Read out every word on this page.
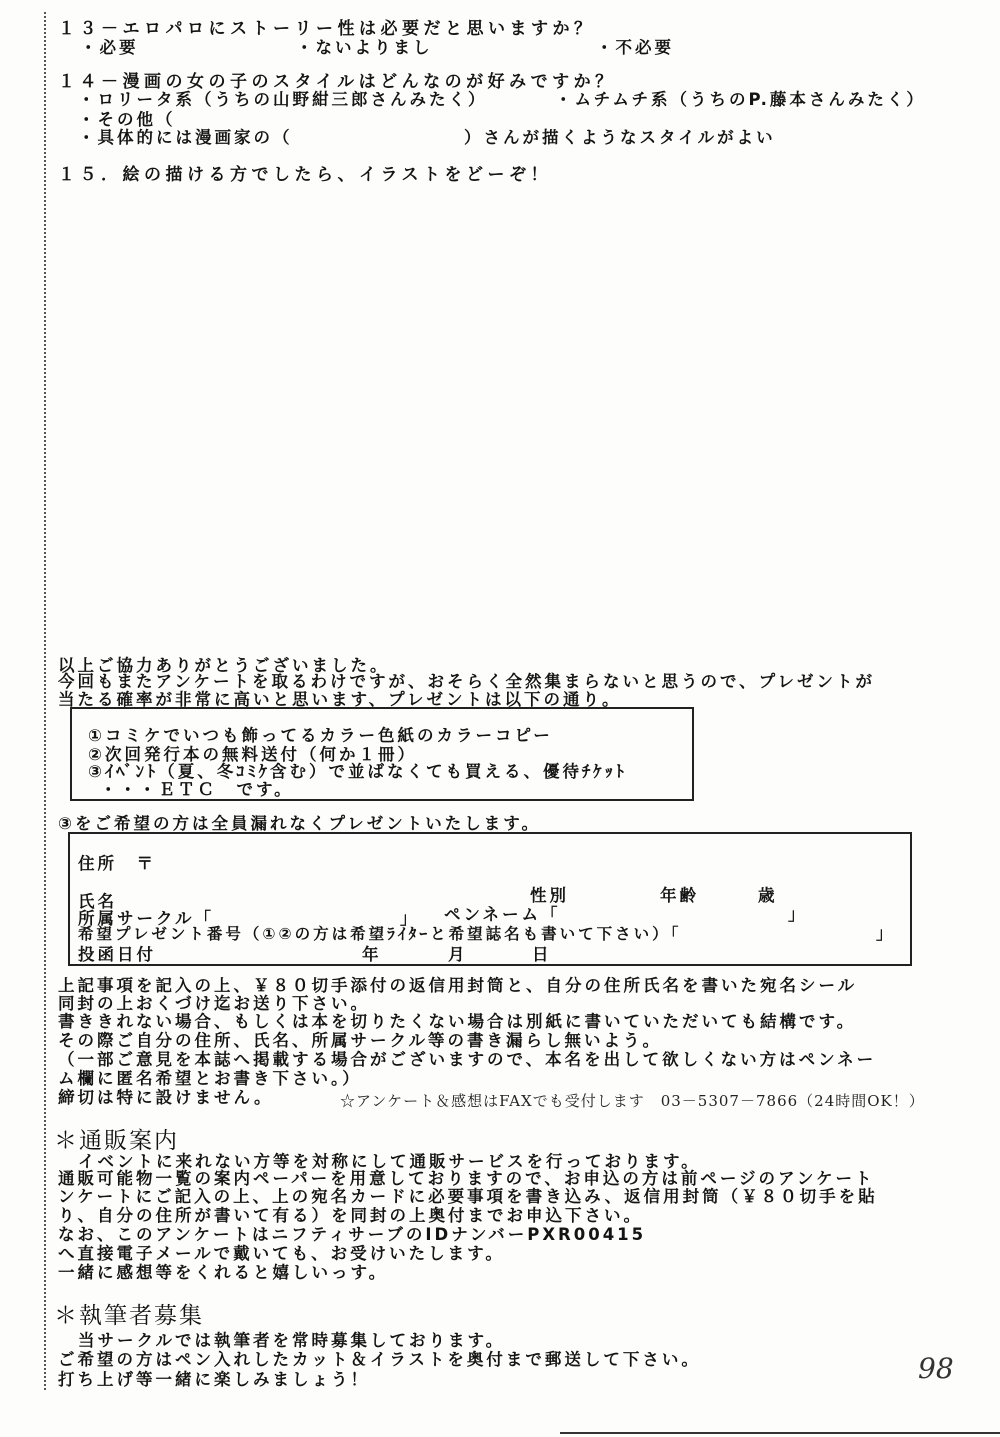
１３－エロパロにストーリー性は必要だと思いますか？
・必要	・ないよりまし	・不必要
１４－漫画の女の子のスタイルはどんなのが好みですか？
・ロリータ系（うちの山野紺三郎さんみたく）	・ムチムチ系（うちのP.藤本さんみたく）
・その他（
・具体的には漫画家の（	）さんが描くようなスタイルがよい
１５．絵の描ける方でしたら、イラストをどーぞ！
以上ご協力ありがとうございました。
今回もまたアンケートを取るわけですが、おそらく全然集まらないと思うので、プレゼントが
当たる確率が非常に高いと思います、プレゼントは以下の通り。
①コミケでいつも飾ってるカラー色紙のカラーコピー
②次回発行本の無料送付（何か１冊）
③ｲﾍﾞﾝﾄ（夏、冬ｺﾐｹ含む）で並ばなくても買える、優待ﾁｹｯﾄ
・・・ＥＴＣ　です。
③をご希望の方は全員漏れなくプレゼントいたします。
住所　〒
氏名	性別	年齢	歳
所属サークル「	」 ペンネーム「	」
希望プレゼント番号（①②の方は希望ﾗｲﾀｰと希望誌名も書いて下さい）「	」
投函日付	年	月	日
上記事項を記入の上、￥８０切手添付の返信用封筒と、自分の住所氏名を書いた宛名シール
同封の上おくづけ迄お送り下さい。
書ききれない場合、もしくは本を切りたくない場合は別紙に書いていただいても結構です。
その際ご自分の住所、氏名、所属サークル等の書き漏らし無いよう。
（一部ご意見を本誌へ掲載する場合がございますので、本名を出して欲しくない方はペンネー
ム欄に匿名希望とお書き下さい。）
締切は特に設けません。	☆アンケート＆感想はFAXでも受付します　03－5307－7866（24時間OK！）
＊通販案内
イベントに来れない方等を対称にして通販サービスを行っております。
通販可能物一覧の案内ペーパーを用意しておりますので、お申込の方は前ページのアンケート
ンケートにご記入の上、上の宛名カードに必要事項を書き込み、返信用封筒（￥８０切手を貼
り、自分の住所が書いて有る）を同封の上奥付までお申込下さい。
なお、このアンケートはニフティサーブのIDナンバーPXR00415
へ直接電子メールで戴いても、お受けいたします。
一緒に感想等をくれると嬉しいっす。
＊執筆者募集
当サークルでは執筆者を常時募集しております。
ご希望の方はペン入れしたカット＆イラストを奥付まで郵送して下さい。
打ち上げ等一緒に楽しみましょう！	98
